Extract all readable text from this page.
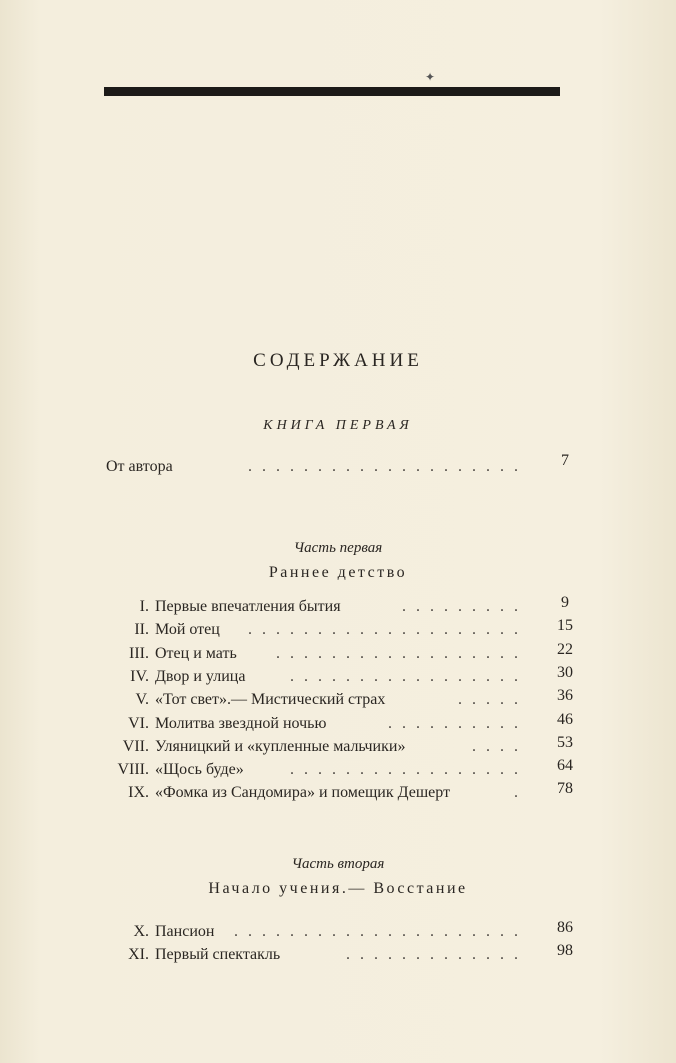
✦
СОДЕРЖАНИЕ
КНИГА ПЕРВАЯ
От автора	. . . . . . . . . . . . . . . . . . . .	7
Часть первая
Раннее детство
I. Первые впечатления бытия	. . . . . . . . .	9
II. Мой отец . . . . . . . . . . . . . . . . . . . . 15
III. Отец и мать . . . . . . . . . . . . . . . . . . 22
IV. Двор и улица	. . . . . . . . . . . . . . . . . 30
V. «Тот свет».— Мистический страх	. . . . . 36
VI. Молитва звездной ночью	. . . . . . . . . . 46
VII. Уляницкий и «купленные мальчики»	. . . . 53
VIII. «Щось буде»	. . . . . . . . . . . . . . . . . 64
IX. «Фомка из Сандомира» и помещик Дешерт	. 78
Часть вторая
Начало учения.— Восстание
X. Пансион . . . . . . . . . . . . . . . . . . . . . 86
XI. Первый спектакль	. . . . . . . . . . . . . 98
